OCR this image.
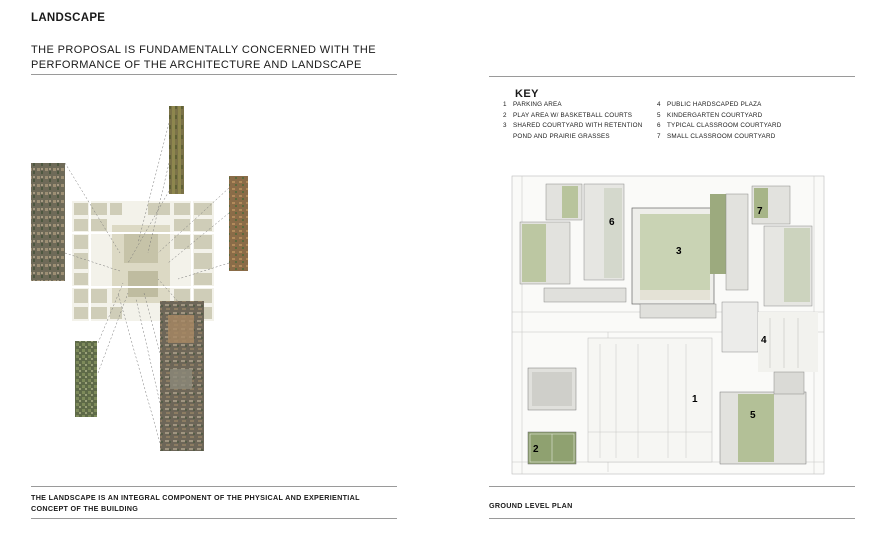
LANDSCAPE
THE PROPOSAL IS FUNDAMENTALLY CONCERNED WITH THE PERFORMANCE OF THE ARCHITECTURE AND LANDSCAPE
THE LANDSCAPE IS AN INTEGRAL COMPONENT OF THE PHYSICAL AND EXPERIENTIAL CONCEPT OF THE BUILDING
KEY
1 PARKING AREA
2 PLAY AREA W/ BASKETBALL COURTS
3 SHARED COURTYARD WITH RETENTION POND AND PRAIRIE GRASSES
4 PUBLIC HARDSCAPED PLAZA
5 KINDERGARTEN COURTYARD
6 TYPICAL CLASSROOM COURTYARD
7 SMALL CLASSROOM COURTYARD
1
2
3
4
5
6
7
GROUND LEVEL PLAN
